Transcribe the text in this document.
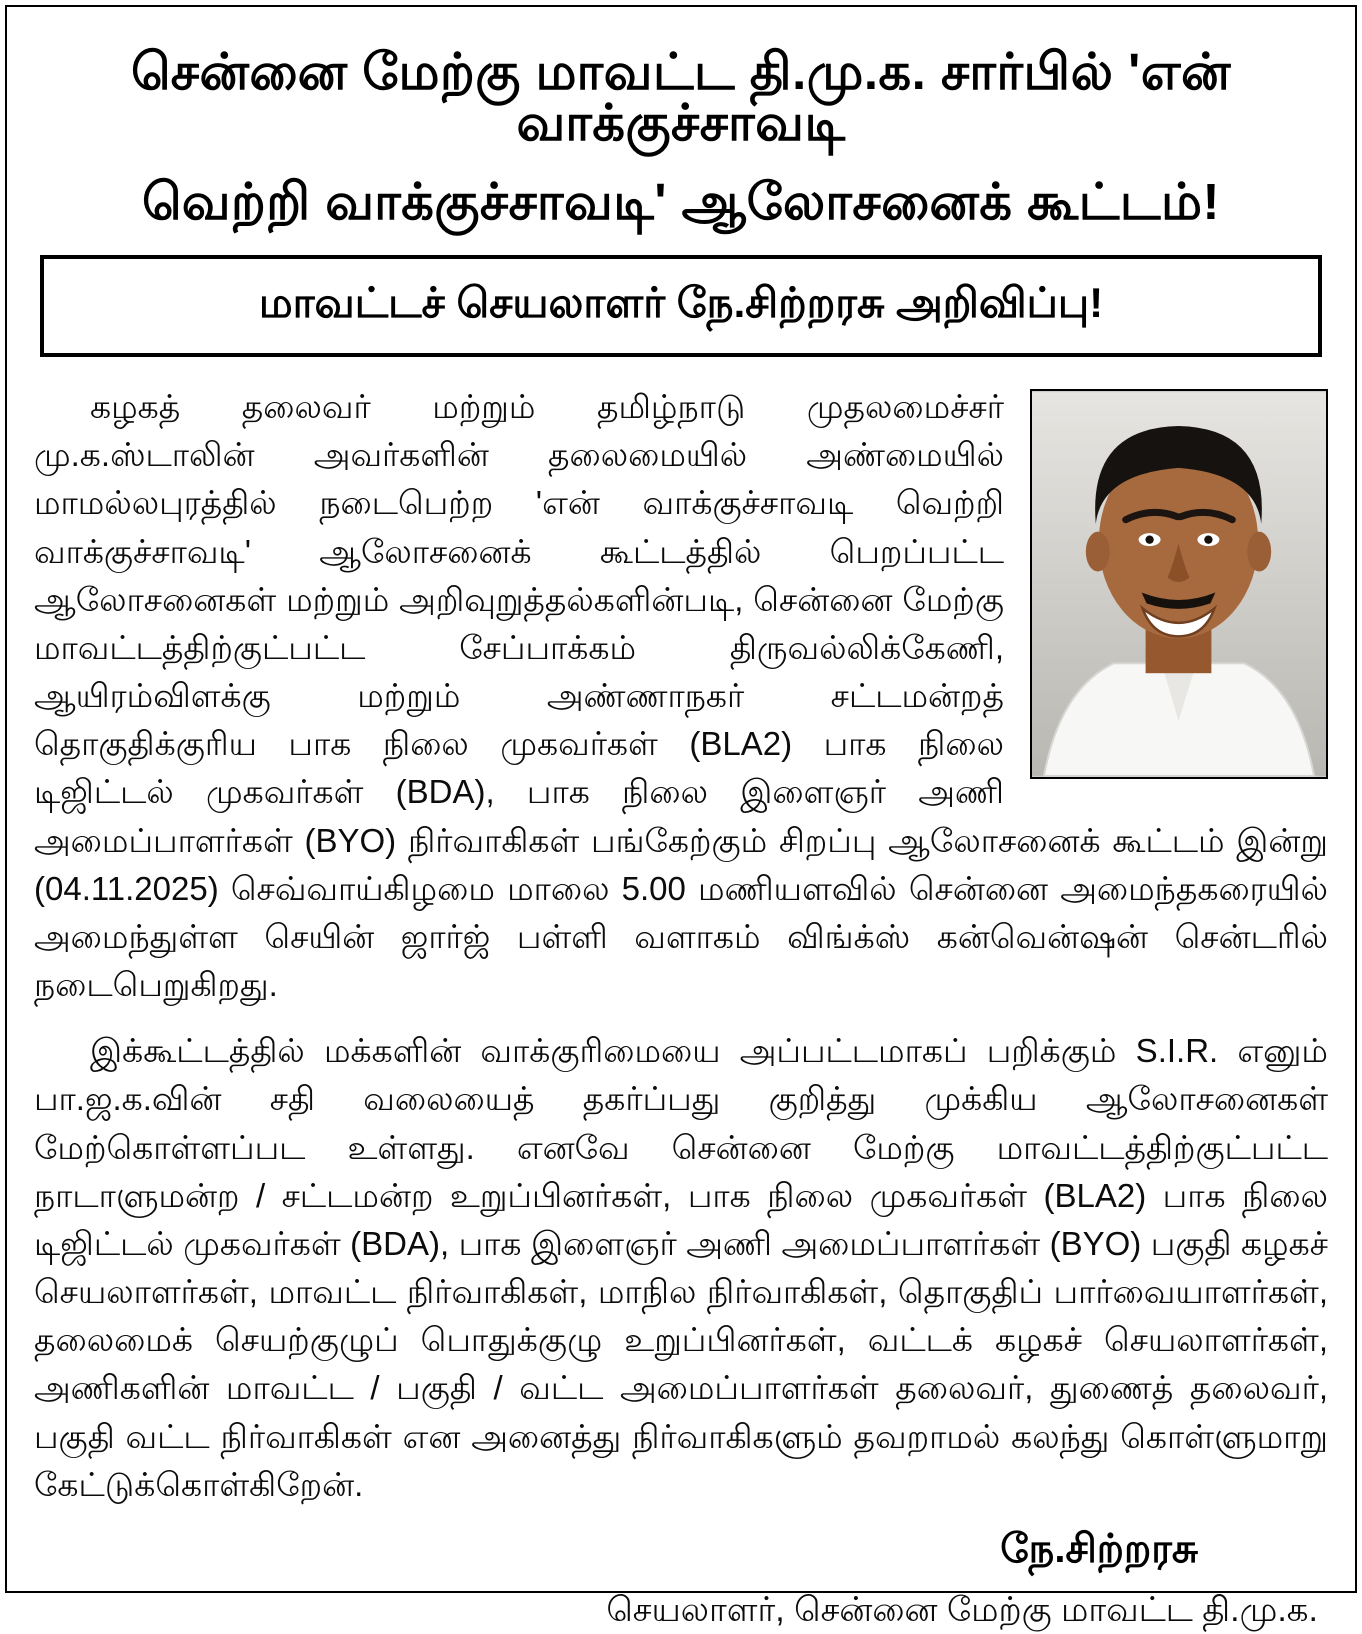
சென்னை மேற்கு மாவட்ட தி.மு.க. சார்பில் 'என் வாக்குச்சாவடி
வெற்றி வாக்குச்சாவடி' ஆலோசனைக் கூட்டம்!
மாவட்டச் செயலாளர் நே.சிற்றரசு அறிவிப்பு!

கழகத் தலைவர் மற்றும் தமிழ்நாடு முதலமைச்சர் மு.க.ஸ்டாலின் அவர்களின் தலைமையில் அண்மையில் மாமல்லபுரத்தில் நடைபெற்ற 'என் வாக்குச்சாவடி வெற்றி வாக்குச்சாவடி' ஆலோசனைக் கூட்டத்தில் பெறப்பட்ட ஆலோசனைகள் மற்றும் அறிவுறுத்தல்களின்படி, சென்னை மேற்கு மாவட்டத்திற்குட்பட்ட சேப்பாக்கம் திருவல்லிக்கேணி, ஆயிரம்விளக்கு மற்றும் அண்ணாநகர் சட்டமன்றத் தொகுதிக்குரிய பாக நிலை முகவர்கள் (BLA2) பாக நிலை டிஜிட்டல் முகவர்கள் (BDA), பாக நிலை இளைஞர் அணி அமைப்பாளர்கள் (BYO) நிர்வாகிகள் பங்கேற்கும் சிறப்பு ஆலோசனைக் கூட்டம் இன்று (04.11.2025) செவ்வாய்கிழமை மாலை 5.00 மணியளவில் சென்னை அமைந்தகரையில் அமைந்துள்ள செயின் ஜார்ஜ் பள்ளி வளாகம் விங்க்ஸ் கன்வென்ஷன் சென்டரில் நடைபெறுகிறது.

இக்கூட்டத்தில் மக்களின் வாக்குரிமையை அப்பட்டமாகப் பறிக்கும் S.I.R. எனும் பா.ஜ.க.வின் சதி வலையைத் தகர்ப்பது குறித்து முக்கிய ஆலோசனைகள் மேற்கொள்ளப்பட உள்ளது. எனவே சென்னை மேற்கு மாவட்டத்திற்குட்பட்ட நாடாளுமன்ற / சட்டமன்ற உறுப்பினர்கள், பாக நிலை முகவர்கள் (BLA2) பாக நிலை டிஜிட்டல் முகவர்கள் (BDA), பாக இளைஞர் அணி அமைப்பாளர்கள் (BYO) பகுதி கழகச் செயலாளர்கள், மாவட்ட நிர்வாகிகள், மாநில நிர்வாகிகள், தொகுதிப் பார்வையாளர்கள், தலைமைக் செயற்குழுப் பொதுக்குழு உறுப்பினர்கள், வட்டக் கழகச் செயலாளர்கள், அணிகளின் மாவட்ட / பகுதி / வட்ட அமைப்பாளர்கள் தலைவர், துணைத் தலைவர், பகுதி வட்ட நிர்வாகிகள் என அனைத்து நிர்வாகிகளும் தவறாமல் கலந்து கொள்ளுமாறு கேட்டுக்கொள்கிறேன்.

நே.சிற்றரசு
செயலாளர், சென்னை மேற்கு மாவட்ட தி.மு.க.
